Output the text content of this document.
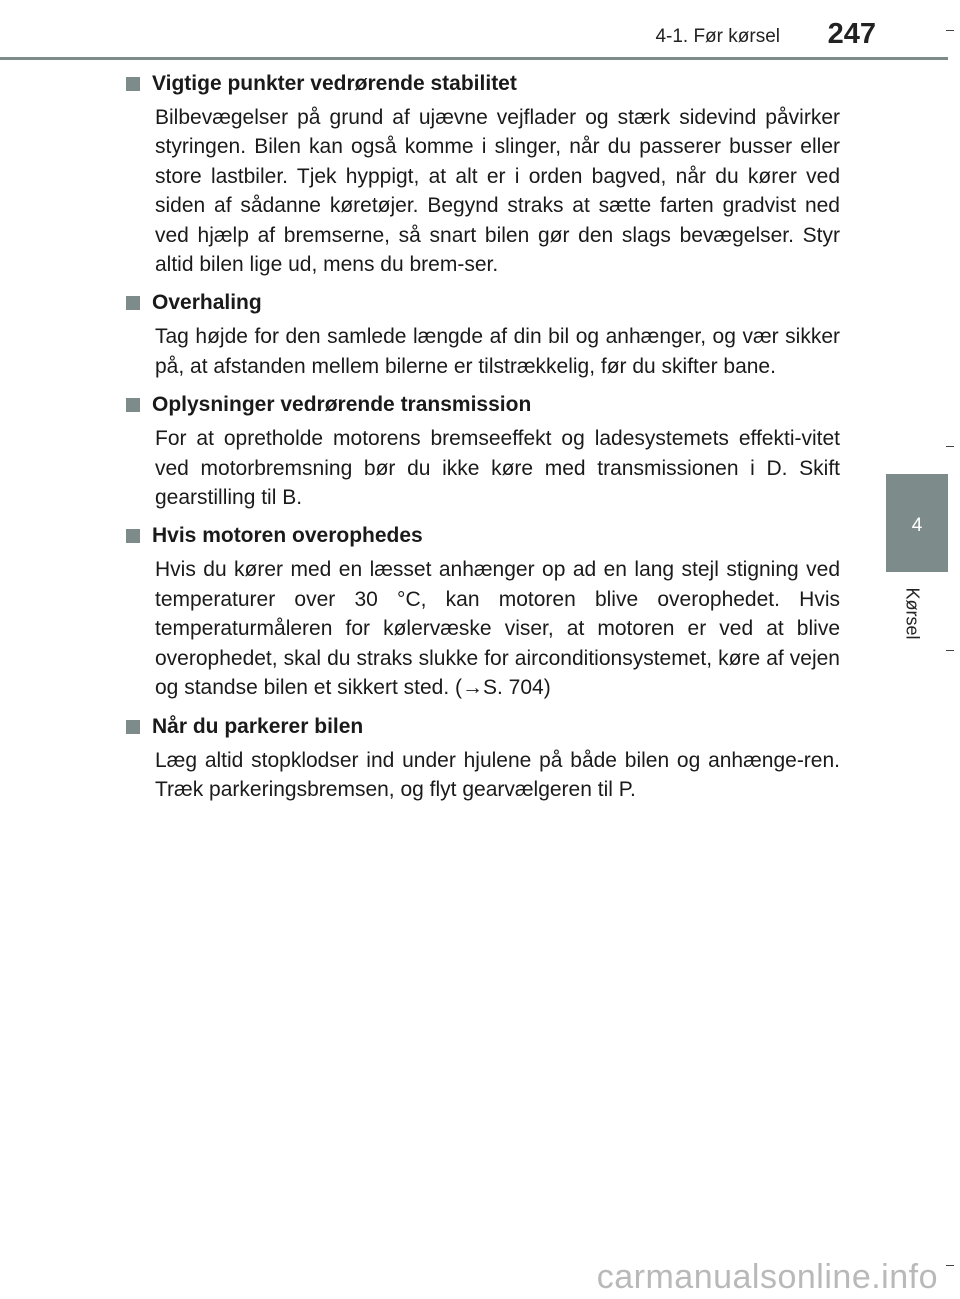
4-1. Før kørsel 247
4
Kørsel
Vigtige punkter vedrørende stabilitet

Bilbevægelser på grund af ujævne vejflader og stærk sidevind påvirker styringen. Bilen kan også komme i slinger, når du passerer busser eller store lastbiler. Tjek hyppigt, at alt er i orden bagved, når du kører ved siden af sådanne køretøjer. Begynd straks at sætte farten gradvist ned ved hjælp af bremserne, så snart bilen gør den slags bevægelser. Styr altid bilen lige ud, mens du brem-ser.

Overhaling

Tag højde for den samlede længde af din bil og anhænger, og vær sikker på, at afstanden mellem bilerne er tilstrækkelig, før du skifter bane.

Oplysninger vedrørende transmission

For at opretholde motorens bremseeffekt og ladesystemets effekti-vitet ved motorbremsning bør du ikke køre med transmissionen i D. Skift gearstilling til B.

Hvis motoren overophedes

Hvis du kører med en læsset anhænger op ad en lang stejl stigning ved temperaturer over 30 °C, kan motoren blive overophedet. Hvis temperaturmåleren for kølervæske viser, at motoren er ved at blive overophedet, skal du straks slukke for airconditionsystemet, køre af vejen og standse bilen et sikkert sted. (→S. 704)

Når du parkerer bilen

Læg altid stopklodser ind under hjulene på både bilen og anhænge-ren. Træk parkeringsbremsen, og flyt gearvælgeren til P.

carmanualsonline.info
